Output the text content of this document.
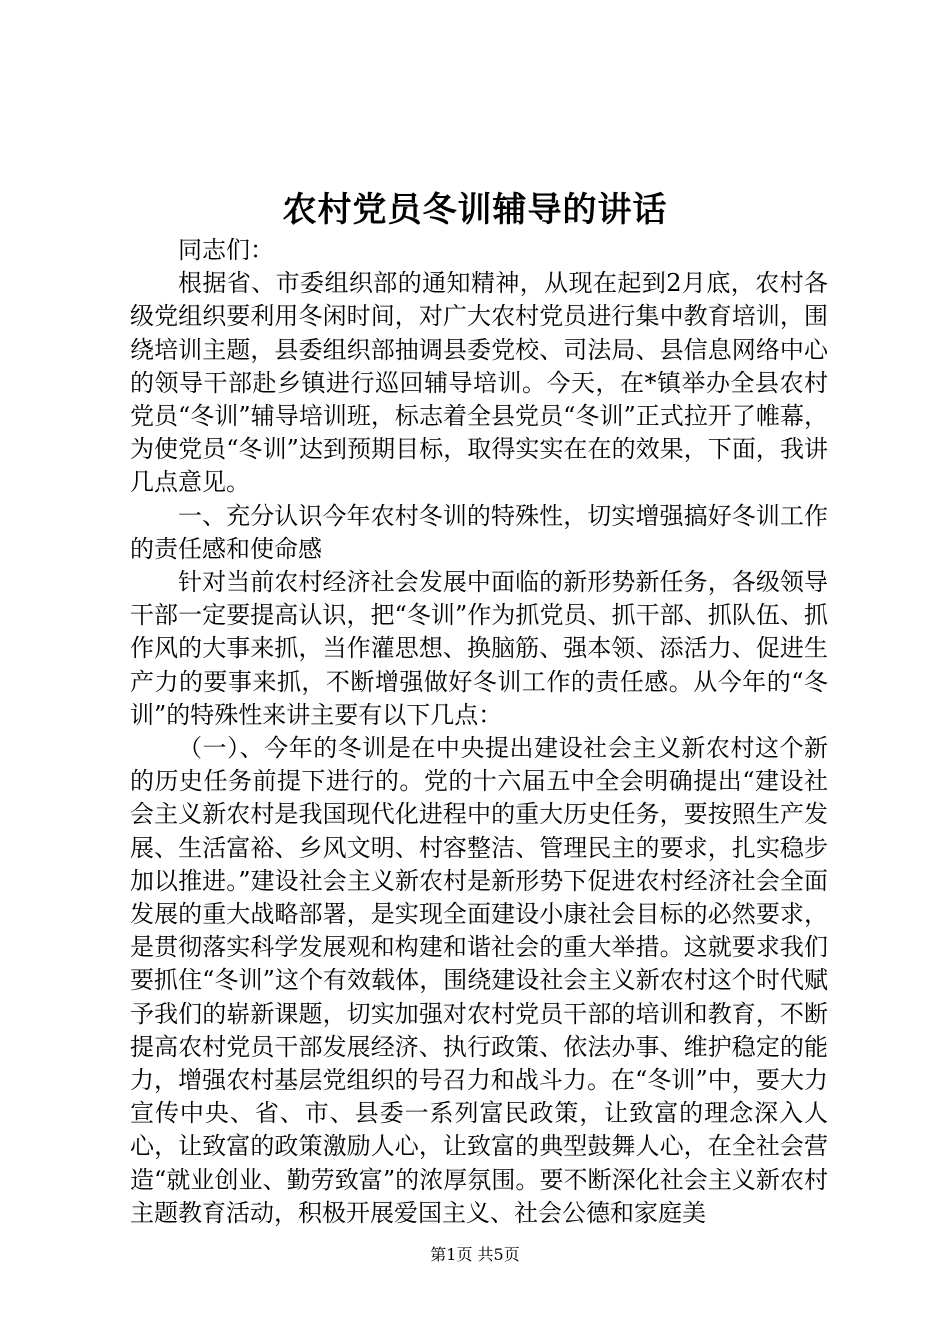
农村党员冬训辅导的讲话

同志们：

根据省、市委组织部的通知精神，从现在起到2月底，农村各级党组织要利用冬闲时间，对广大农村党员进行集中教育培训，围绕培训主题，县委组织部抽调县委党校、司法局、县信息网络中心的领导干部赴乡镇进行巡回辅导培训。今天，在*镇举办全县农村党员“冬训”辅导培训班，标志着全县党员“冬训”正式拉开了帷幕，为使党员“冬训”达到预期目标，取得实实在在的效果，下面，我讲几点意见。

一、充分认识今年农村冬训的特殊性，切实增强搞好冬训工作的责任感和使命感

针对当前农村经济社会发展中面临的新形势新任务，各级领导干部一定要提高认识，把“冬训”作为抓党员、抓干部、抓队伍、抓作风的大事来抓，当作灌思想、换脑筋、强本领、添活力、促进生产力的要事来抓，不断增强做好冬训工作的责任感。从今年的“冬训”的特殊性来讲主要有以下几点：

（一）、今年的冬训是在中央提出建设社会主义新农村这个新的历史任务前提下进行的。党的十六届五中全会明确提出“建设社会主义新农村是我国现代化进程中的重大历史任务，要按照生产发展、生活富裕、乡风文明、村容整洁、管理民主的要求，扎实稳步加以推进。”建设社会主义新农村是新形势下促进农村经济社会全面发展的重大战略部署，是实现全面建设小康社会目标的必然要求，是贯彻落实科学发展观和构建和谐社会的重大举措。这就要求我们要抓住“冬训”这个有效载体，围绕建设社会主义新农村这个时代赋予我们的崭新课题，切实加强对农村党员干部的培训和教育，不断提高农村党员干部发展经济、执行政策、依法办事、维护稳定的能力，增强农村基层党组织的号召力和战斗力。在“冬训”中，要大力宣传中央、省、市、县委一系列富民政策，让致富的理念深入人心，让致富的政策激励人心，让致富的典型鼓舞人心，在全社会营造“就业创业、勤劳致富”的浓厚氛围。要不断深化社会主义新农村主题教育活动，积极开展爱国主义、社会公德和家庭美

第1页 共5页
